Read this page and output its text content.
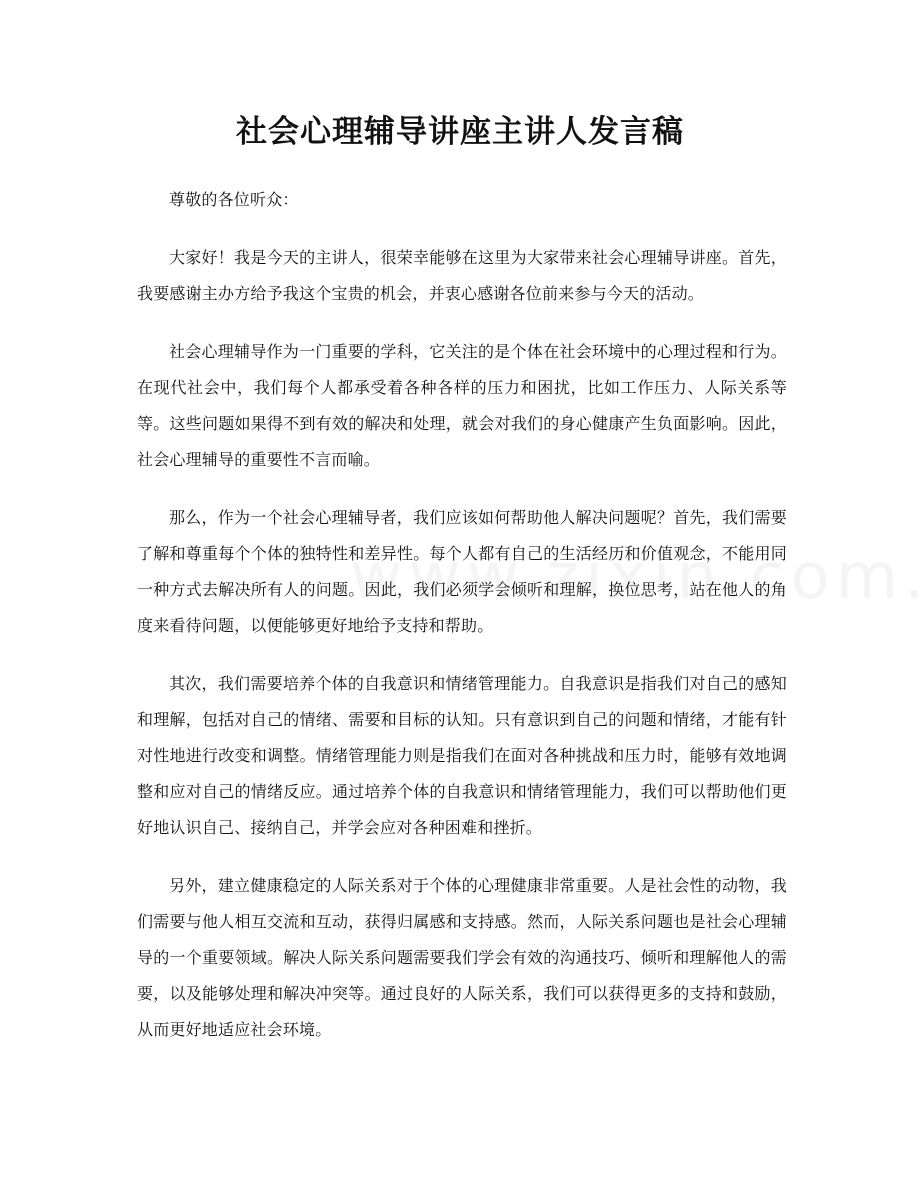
社会心理辅导讲座主讲人发言稿

尊敬的各位听众：

大家好！我是今天的主讲人，很荣幸能够在这里为大家带来社会心理辅导讲座。首先，我要感谢主办方给予我这个宝贵的机会，并衷心感谢各位前来参与今天的活动。

社会心理辅导作为一门重要的学科，它关注的是个体在社会环境中的心理过程和行为。在现代社会中，我们每个人都承受着各种各样的压力和困扰，比如工作压力、人际关系等等。这些问题如果得不到有效的解决和处理，就会对我们的身心健康产生负面影响。因此，社会心理辅导的重要性不言而喻。

那么，作为一个社会心理辅导者，我们应该如何帮助他人解决问题呢？首先，我们需要了解和尊重每个个体的独特性和差异性。每个人都有自己的生活经历和价值观念，不能用同一种方式去解决所有人的问题。因此，我们必须学会倾听和理解，换位思考，站在他人的角度来看待问题，以便能够更好地给予支持和帮助。

其次，我们需要培养个体的自我意识和情绪管理能力。自我意识是指我们对自己的感知和理解，包括对自己的情绪、需要和目标的认知。只有意识到自己的问题和情绪，才能有针对性地进行改变和调整。情绪管理能力则是指我们在面对各种挑战和压力时，能够有效地调整和应对自己的情绪反应。通过培养个体的自我意识和情绪管理能力，我们可以帮助他们更好地认识自己、接纳自己，并学会应对各种困难和挫折。

另外，建立健康稳定的人际关系对于个体的心理健康非常重要。人是社会性的动物，我们需要与他人相互交流和互动，获得归属感和支持感。然而，人际关系问题也是社会心理辅导的一个重要领域。解决人际关系问题需要我们学会有效的沟通技巧、倾听和理解他人的需要，以及能够处理和解决冲突等。通过良好的人际关系，我们可以获得更多的支持和鼓励，从而更好地适应社会环境。
